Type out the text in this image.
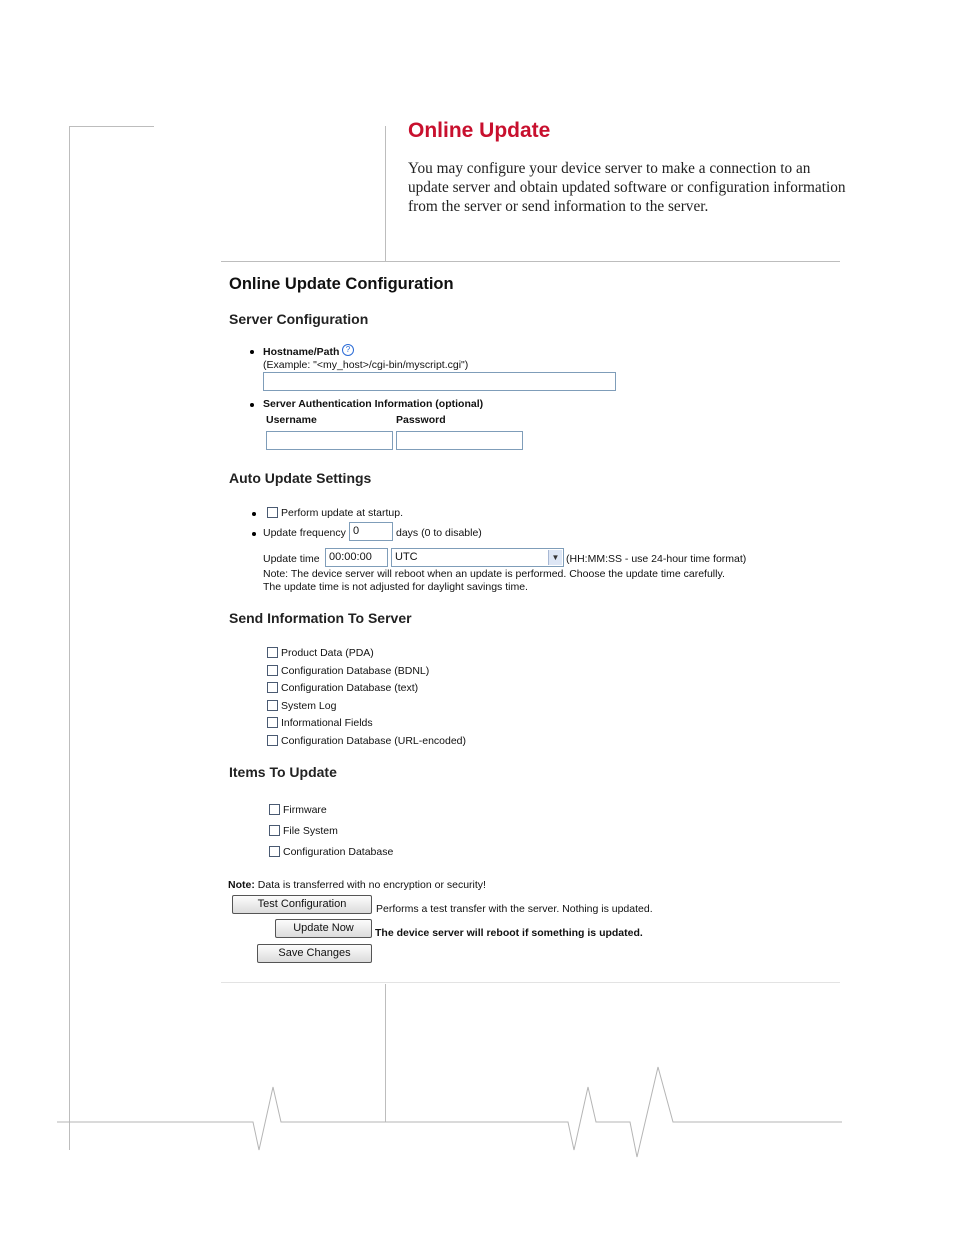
Online Update
You may configure your device server to make a connection to an update server and obtain updated software or configuration information from the server or send information to the server.
Online Update Configuration
Server Configuration
Hostname/Path ?
(Example: "<my_host>/cgi-bin/myscript.cgi")
Server Authentication Information (optional)
Username	Password
Auto Update Settings
Perform update at startup.
Update frequency 0	days (0 to disable)
Update time 00:00:00	UTC	▼ (HH:MM:SS - use 24-hour time format)
Note: The device server will reboot when an update is performed. Choose the update time carefully.
The update time is not adjusted for daylight savings time.
Send Information To Server
Product Data (PDA)
Configuration Database (BDNL)
Configuration Database (text)
System Log
Informational Fields
Configuration Database (URL-encoded)
Items To Update
Firmware
File System
Configuration Database
Note: Data is transferred with no encryption or security!
Test Configuration	Performs a test transfer with the server. Nothing is updated.
Update Now	The device server will reboot if something is updated.
Save Changes
